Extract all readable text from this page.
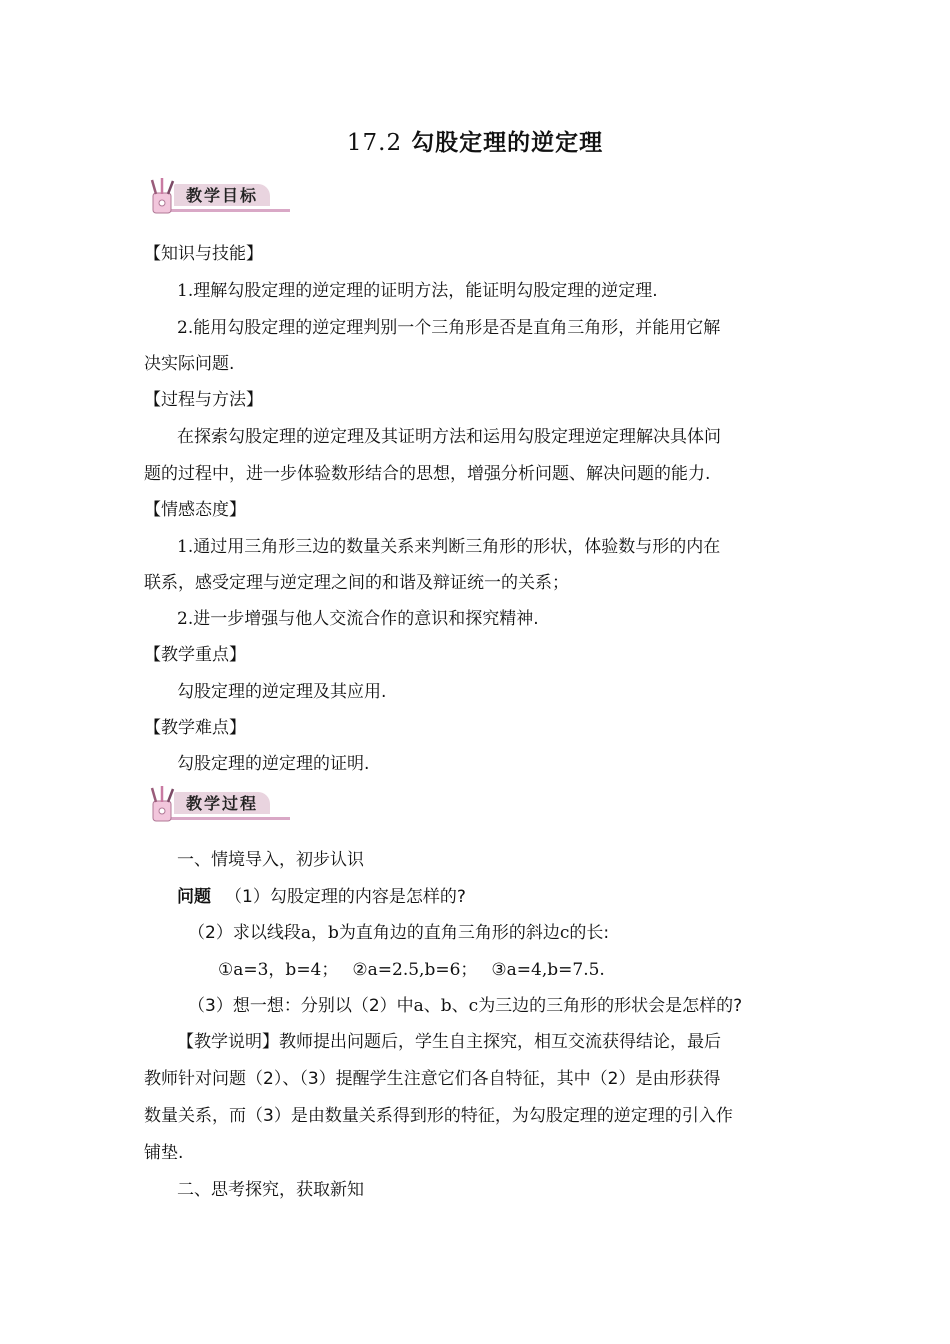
17.2 勾股定理的逆定理
教学目标
【知识与技能】
1.理解勾股定理的逆定理的证明方法，能证明勾股定理的逆定理.
2.能用勾股定理的逆定理判别一个三角形是否是直角三角形，并能用它解
决实际问题.
【过程与方法】
在探索勾股定理的逆定理及其证明方法和运用勾股定理逆定理解决具体问
题的过程中，进一步体验数形结合的思想，增强分析问题、解决问题的能力.
【情感态度】
1.通过用三角形三边的数量关系来判断三角形的形状，体验数与形的内在
联系，感受定理与逆定理之间的和谐及辩证统一的关系；
2.进一步增强与他人交流合作的意识和探究精神.
【教学重点】
勾股定理的逆定理及其应用.
【教学难点】
勾股定理的逆定理的证明.
教学过程
一、情境导入，初步认识
问题 （1）勾股定理的内容是怎样的?
（2）求以线段a，b为直角边的直角三角形的斜边c的长:
①a=3，b=4； ②a=2.5,b=6； ③a=4,b=7.5.
（3）想一想：分别以（2）中a、b、c为三边的三角形的形状会是怎样的?
【教学说明】教师提出问题后，学生自主探究，相互交流获得结论，最后
教师针对问题（2）、（3）提醒学生注意它们各自特征，其中（2）是由形获得
数量关系，而（3）是由数量关系得到形的特征，为勾股定理的逆定理的引入作
铺垫.
二、思考探究，获取新知
